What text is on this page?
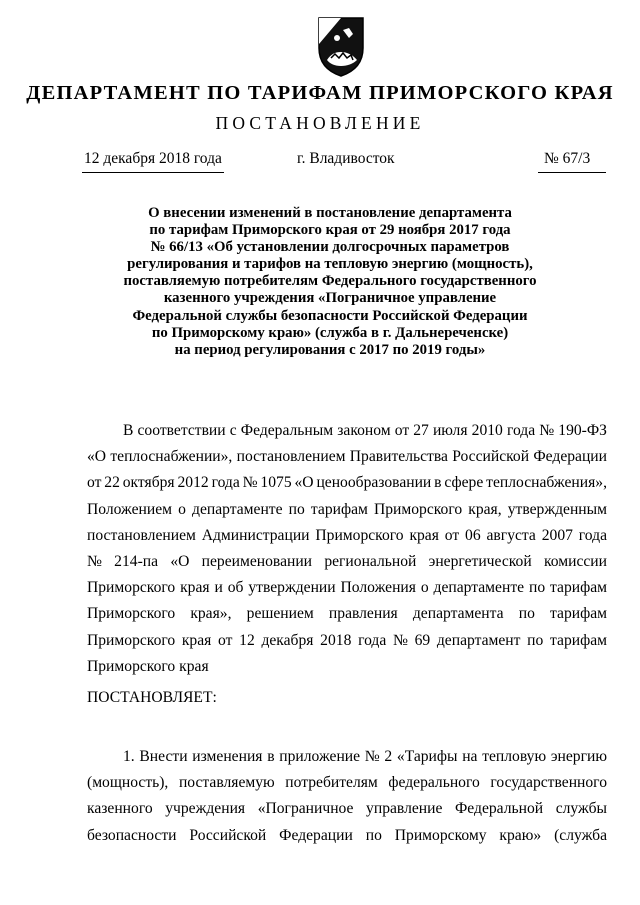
ДЕПАРТАМЕНТ ПО ТАРИФАМ ПРИМОРСКОГО КРАЯ
ПОСТАНОВЛЕНИЕ
12 декабря 2018 года	г. Владивосток	№ 67/3
О внесении изменений в постановление департамента
по тарифам Приморского края от 29 ноября 2017 года
№ 66/13 «Об установлении долгосрочных параметров
регулирования и тарифов на тепловую энергию (мощность),
поставляемую потребителям Федерального государственного
казенного учреждения «Пограничное управление
Федеральной службы безопасности Российской Федерации
по Приморскому краю» (служба в г. Дальнереченске)
на период регулирования с 2017 по 2019 годы»
В соответствии с Федеральным законом от 27 июля 2010 года № 190-ФЗ
«О теплоснабжении», постановлением Правительства Российской Федерации
от 22 октября 2012 года № 1075 «О ценообразовании в сфере теплоснабжения»,
Положением о департаменте по тарифам Приморского края, утвержденным
постановлением Администрации Приморского края от 06 августа 2007 года
№ 214-па «О переименовании региональной энергетической комиссии
Приморского края и об утверждении Положения о департаменте по тарифам
Приморского края», решением правления департамента по тарифам
Приморского края от 12 декабря 2018 года № 69 департамент по тарифам
Приморского края
ПОСТАНОВЛЯЕТ:
1. Внести изменения в приложение № 2 «Тарифы на тепловую энергию
(мощность), поставляемую потребителям федерального государственного
казенного учреждения «Пограничное управление Федеральной службы
безопасности Российской Федерации по Приморскому краю» (служба
